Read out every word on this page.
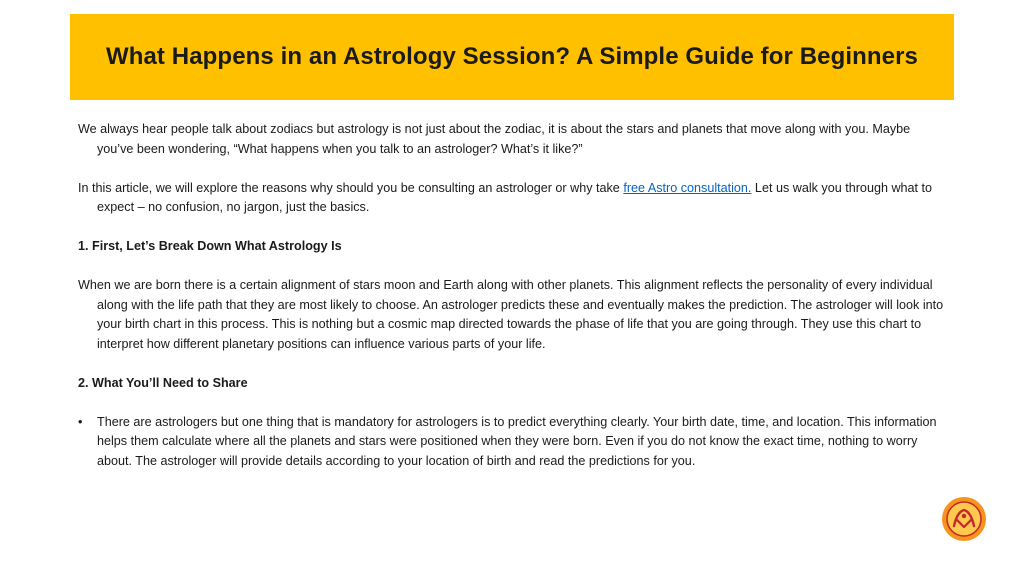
What Happens in an Astrology Session? A Simple Guide for Beginners

We always hear people talk about zodiacs but astrology is not just about the zodiac, it is about the stars and planets that move along with you. Maybe you’ve been wondering, “What happens when you talk to an astrologer? What’s it like?”

In this article, we will explore the reasons why should you be consulting an astrologer or why take free Astro consultation. Let us walk you through what to expect – no confusion, no jargon, just the basics.

1. First, Let’s Break Down What Astrology Is

When we are born there is a certain alignment of stars moon and Earth along with other planets. This alignment reflects the personality of every individual along with the life path that they are most likely to choose. An astrologer predicts these and eventually makes the prediction. The astrologer will look into your birth chart in this process. This is nothing but a cosmic map directed towards the phase of life that you are going through. They use this chart to interpret how different planetary positions can influence various parts of your life.

2. What You’ll Need to Share

•	There are astrologers but one thing that is mandatory for astrologers is to predict everything clearly. Your birth date, time, and location. This information helps them calculate where all the planets and stars were positioned when they were born. Even if you do not know the exact time, nothing to worry about. The astrologer will provide details according to your location of birth and read the predictions for you.
